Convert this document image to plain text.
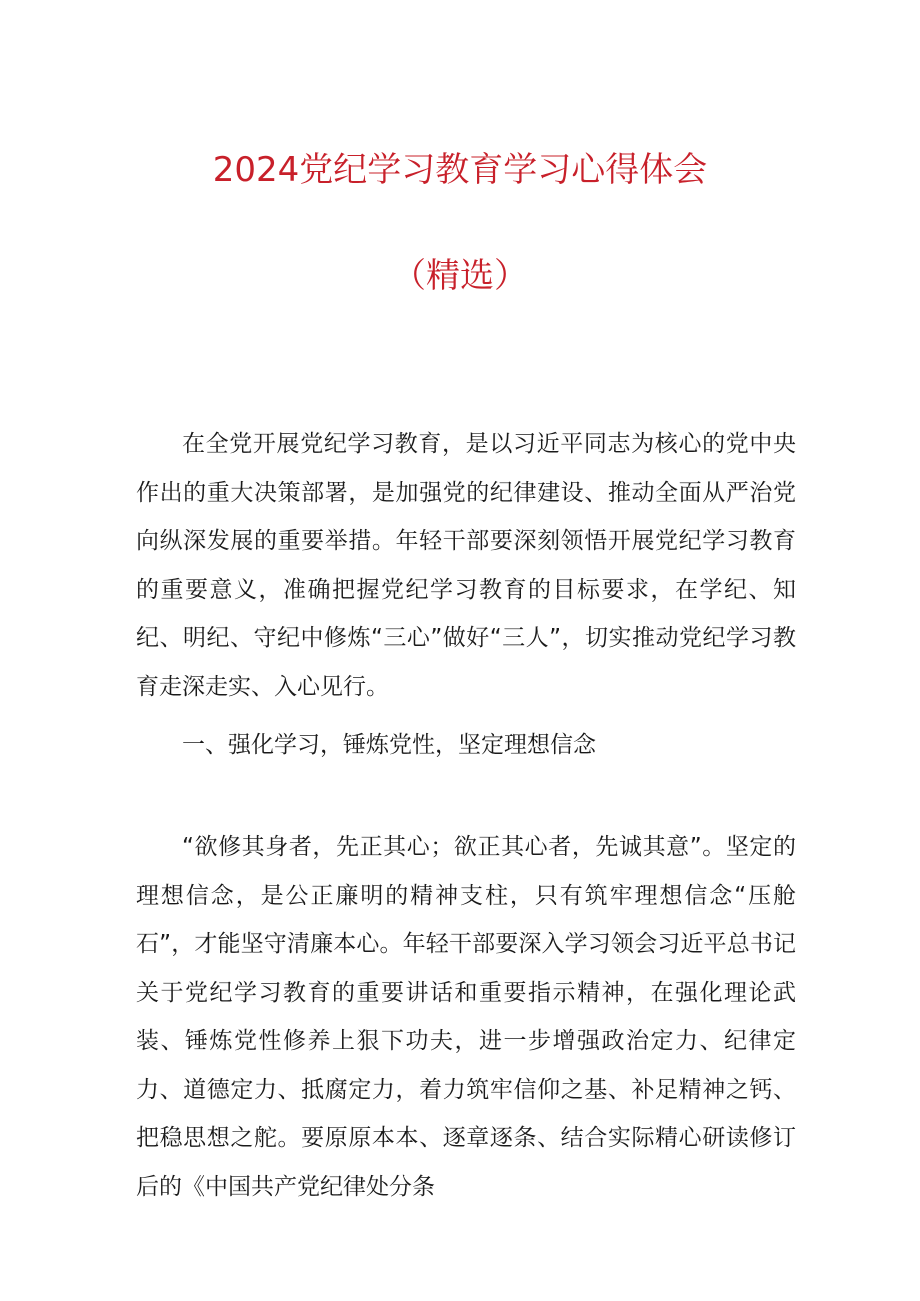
2024党纪学习教育学习心得体会
（精选）

在全党开展党纪学习教育，是以习近平同志为核心的党中央作出的重大决策部署，是加强党的纪律建设、推动全面从严治党向纵深发展的重要举措。年轻干部要深刻领悟开展党纪学习教育的重要意义，准确把握党纪学习教育的目标要求，在学纪、知纪、明纪、守纪中修炼“三心”做好“三人”，切实推动党纪学习教育走深走实、入心见行。

一、强化学习，锤炼党性，坚定理想信念

“欲修其身者，先正其心；欲正其心者，先诚其意”。坚定的理想信念，是公正廉明的精神支柱，只有筑牢理想信念“压舱石”，才能坚守清廉本心。年轻干部要深入学习领会习近平总书记关于党纪学习教育的重要讲话和重要指示精神，在强化理论武装、锤炼党性修养上狠下功夫，进一步增强政治定力、纪律定力、道德定力、抵腐定力，着力筑牢信仰之基、补足精神之钙、把稳思想之舵。要原原本本、逐章逐条、结合实际精心研读修订后的《中国共产党纪律处分条
